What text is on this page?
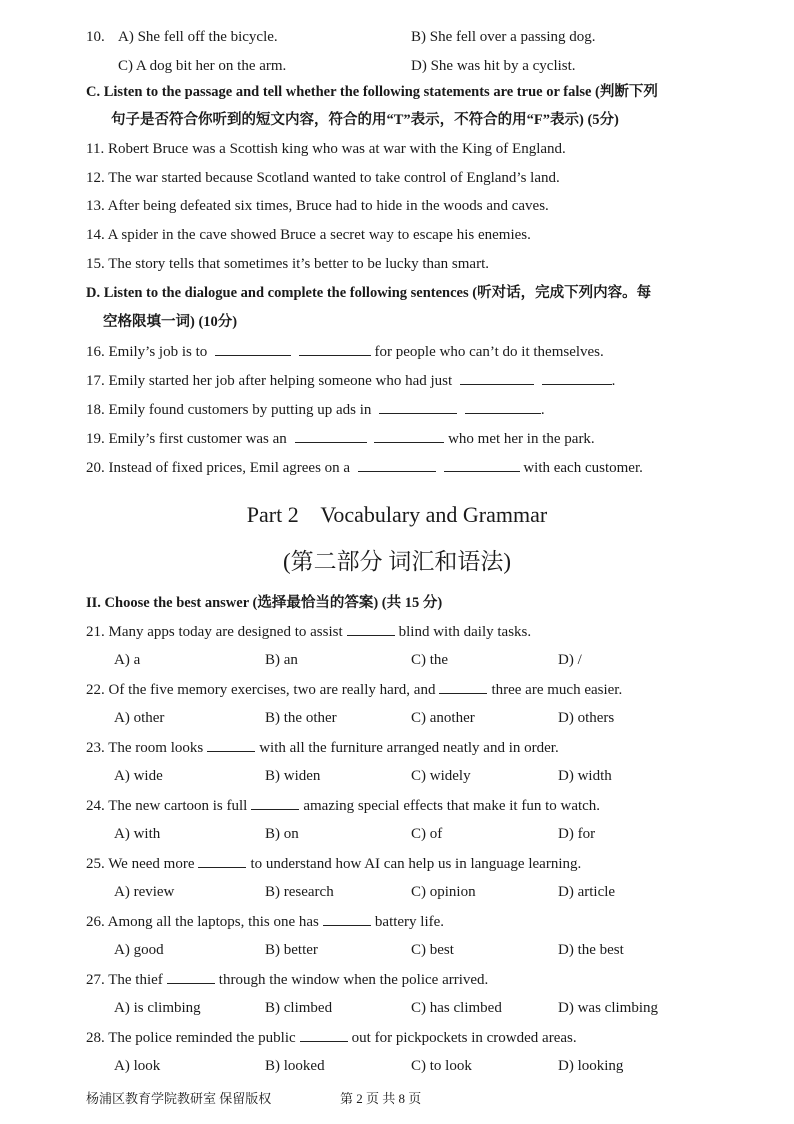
10. A) She fell off the bicycle.	B) She fell over a passing dog.
C) A dog bit her on the arm.	D) She was hit by a cyclist.
C. Listen to the passage and tell whether the following statements are true or false (判断下列
句子是否符合你听到的短文内容，符合的用“T”表示，不符合的用“F”表示) (5分)
11. Robert Bruce was a Scottish king who was at war with the King of England.
12. The war started because Scotland wanted to take control of England’s land.
13. After being defeated six times, Bruce had to hide in the woods and caves.
14. A spider in the cave showed Bruce a secret way to escape his enemies.
15. The story tells that sometimes it’s better to be lucky than smart.
D. Listen to the dialogue and complete the following sentences (听对话，完成下列内容。每
空格限填一词) (10分)
16. Emily’s job is to	for people who can’t do it themselves.
17. Emily started her job after helping someone who had just	.
18. Emily found customers by putting up ads in	.
19. Emily’s first customer was an	who met her in the park.
20. Instead of fixed prices, Emil agrees on a	with each customer.
Part 2    Vocabulary and Grammar
(第二部分 词汇和语法)
II. Choose the best answer (选择最恰当的答案) (共 15 分)
21. Many apps today are designed to assist	blind with daily tasks.
A) a	B) an	C) the	D) /
22. Of the five memory exercises, two are really hard, and	three are much easier.
A) other	B) the other	C) another	D) others
23. The room looks	with all the furniture arranged neatly and in order.
A) wide	B) widen	C) widely	D) width
24. The new cartoon is full	amazing special effects that make it fun to watch.
A) with	B) on	C) of	D) for
25. We need more	to understand how AI can help us in language learning.
A) review	B) research	C) opinion	D) article
26. Among all the laptops, this one has	battery life.
A) good	B) better	C) best	D) the best
27. The thief	through the window when the police arrived.
A) is climbing	B) climbed	C) has climbed	D) was climbing
28. The police reminded the public	out for pickpockets in crowded areas.
A) look	B) looked	C) to look	D) looking
杨浦区教育学院教研室 保留版权	第 2 页 共 8 页
